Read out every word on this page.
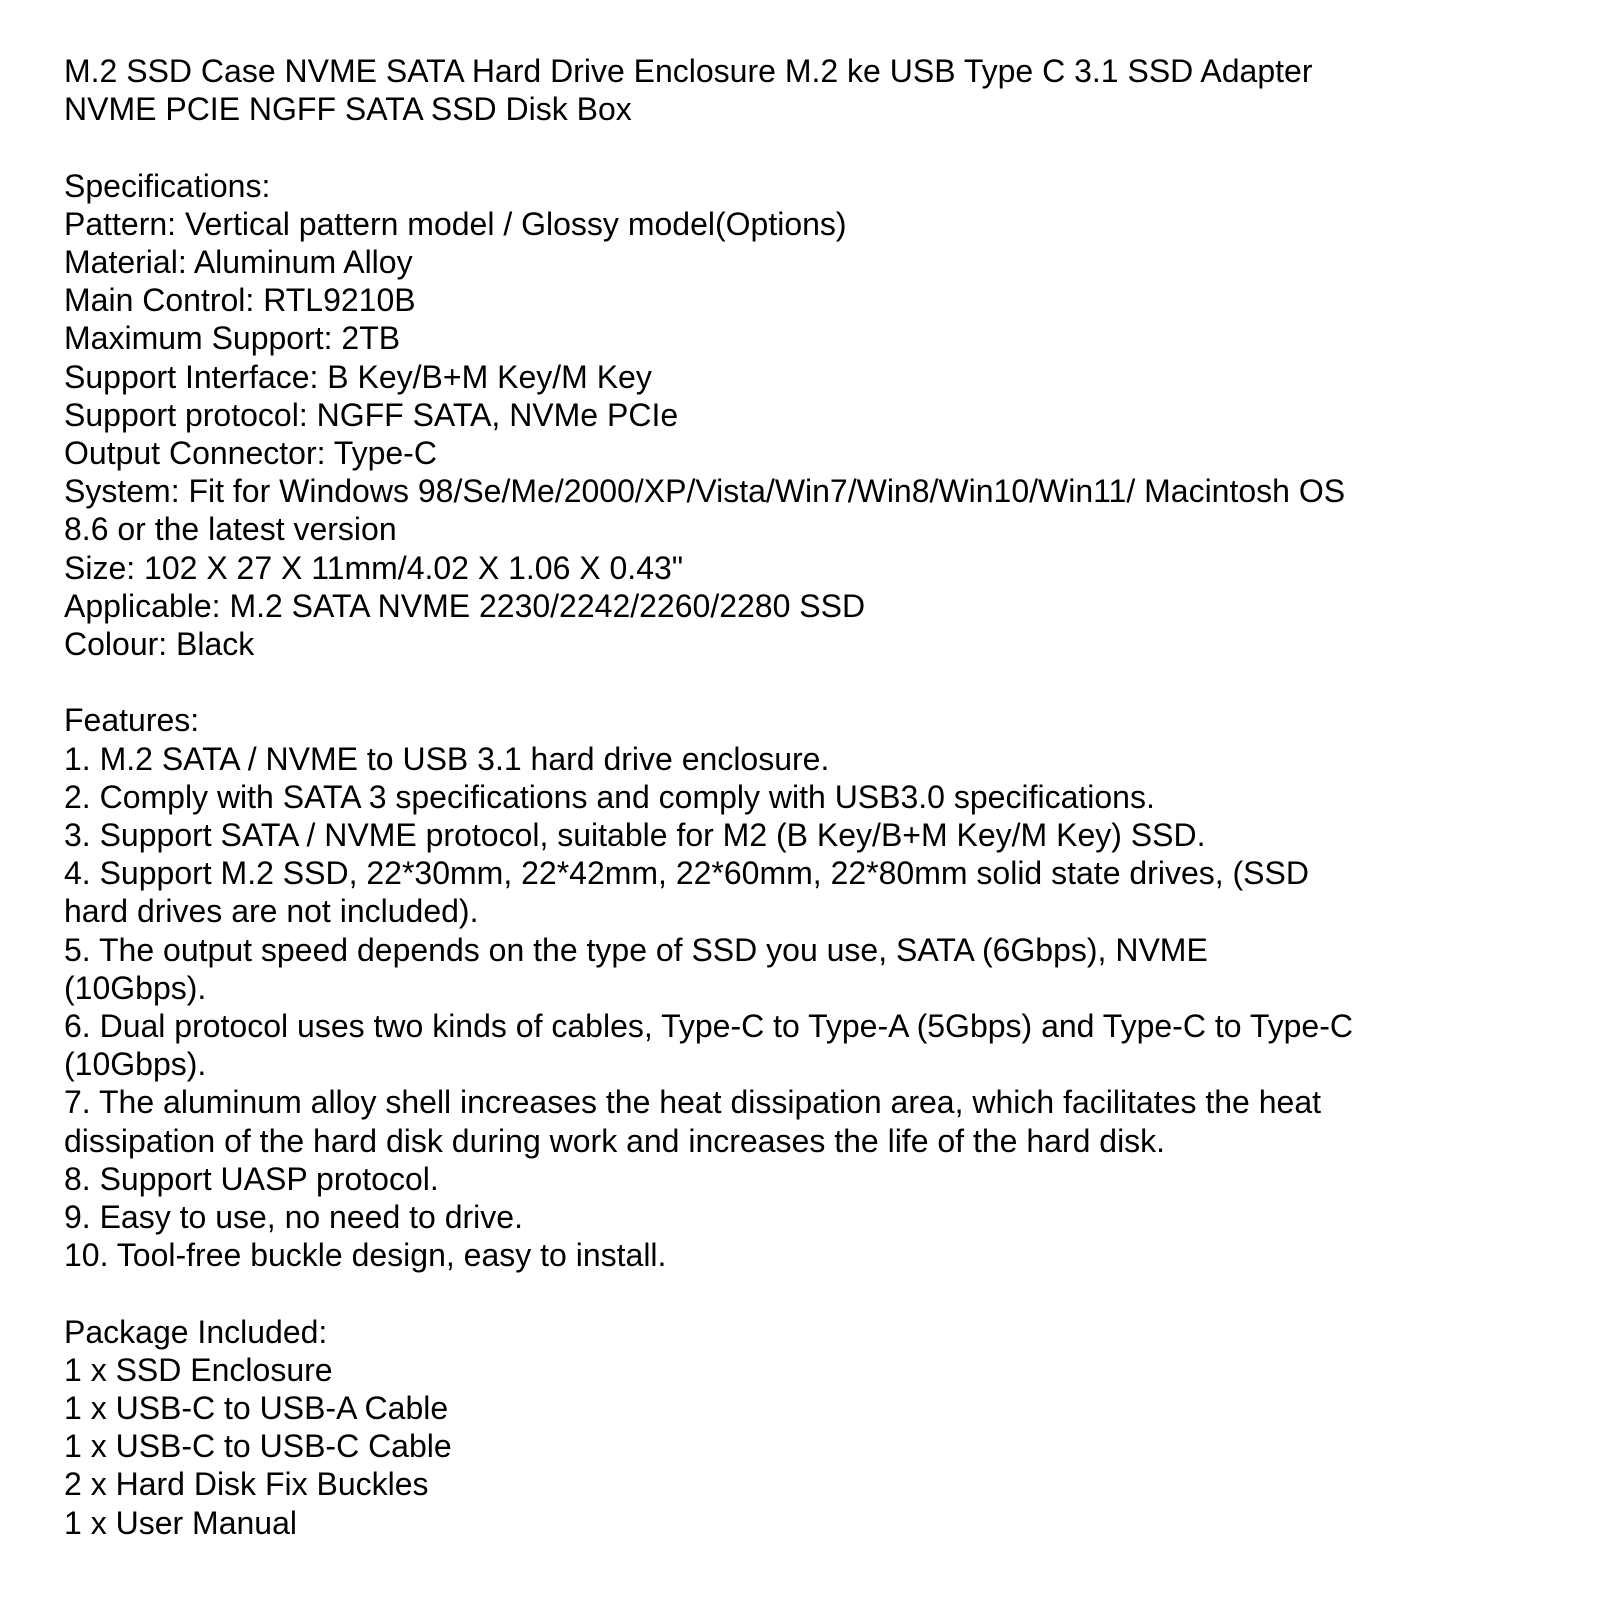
M.2 SSD Case NVME SATA Hard Drive Enclosure M.2 ke USB Type C 3.1 SSD Adapter
NVME PCIE NGFF SATA SSD Disk Box
Specifications:
Pattern: Vertical pattern model / Glossy model(Options)
Material: Aluminum Alloy
Main Control: RTL9210B
Maximum Support: 2TB
Support Interface: B Key/B+M Key/M Key
Support protocol: NGFF SATA, NVMe PCIe
Output Connector: Type-C
System: Fit for Windows 98/Se/Me/2000/XP/Vista/Win7/Win8/Win10/Win11/ Macintosh OS
8.6 or the latest version
Size: 102 X 27 X 11mm/4.02 X 1.06 X 0.43"
Applicable: M.2 SATA NVME 2230/2242/2260/2280 SSD
Colour: Black
Features:
1. M.2 SATA / NVME to USB 3.1 hard drive enclosure.
2. Comply with SATA 3 specifications and comply with USB3.0 specifications.
3. Support SATA / NVME protocol, suitable for M2 (B Key/B+M Key/M Key) SSD.
4. Support M.2 SSD, 22*30mm, 22*42mm, 22*60mm, 22*80mm solid state drives, (SSD
hard drives are not included).
5. The output speed depends on the type of SSD you use, SATA (6Gbps), NVME
(10Gbps).
6. Dual protocol uses two kinds of cables, Type-C to Type-A (5Gbps) and Type-C to Type-C
(10Gbps).
7. The aluminum alloy shell increases the heat dissipation area, which facilitates the heat
dissipation of the hard disk during work and increases the life of the hard disk.
8. Support UASP protocol.
9. Easy to use, no need to drive.
10. Tool-free buckle design, easy to install.
Package Included:
1 x SSD Enclosure
1 x USB-C to USB-A Cable
1 x USB-C to USB-C Cable
2 x Hard Disk Fix Buckles
1 x User Manual
